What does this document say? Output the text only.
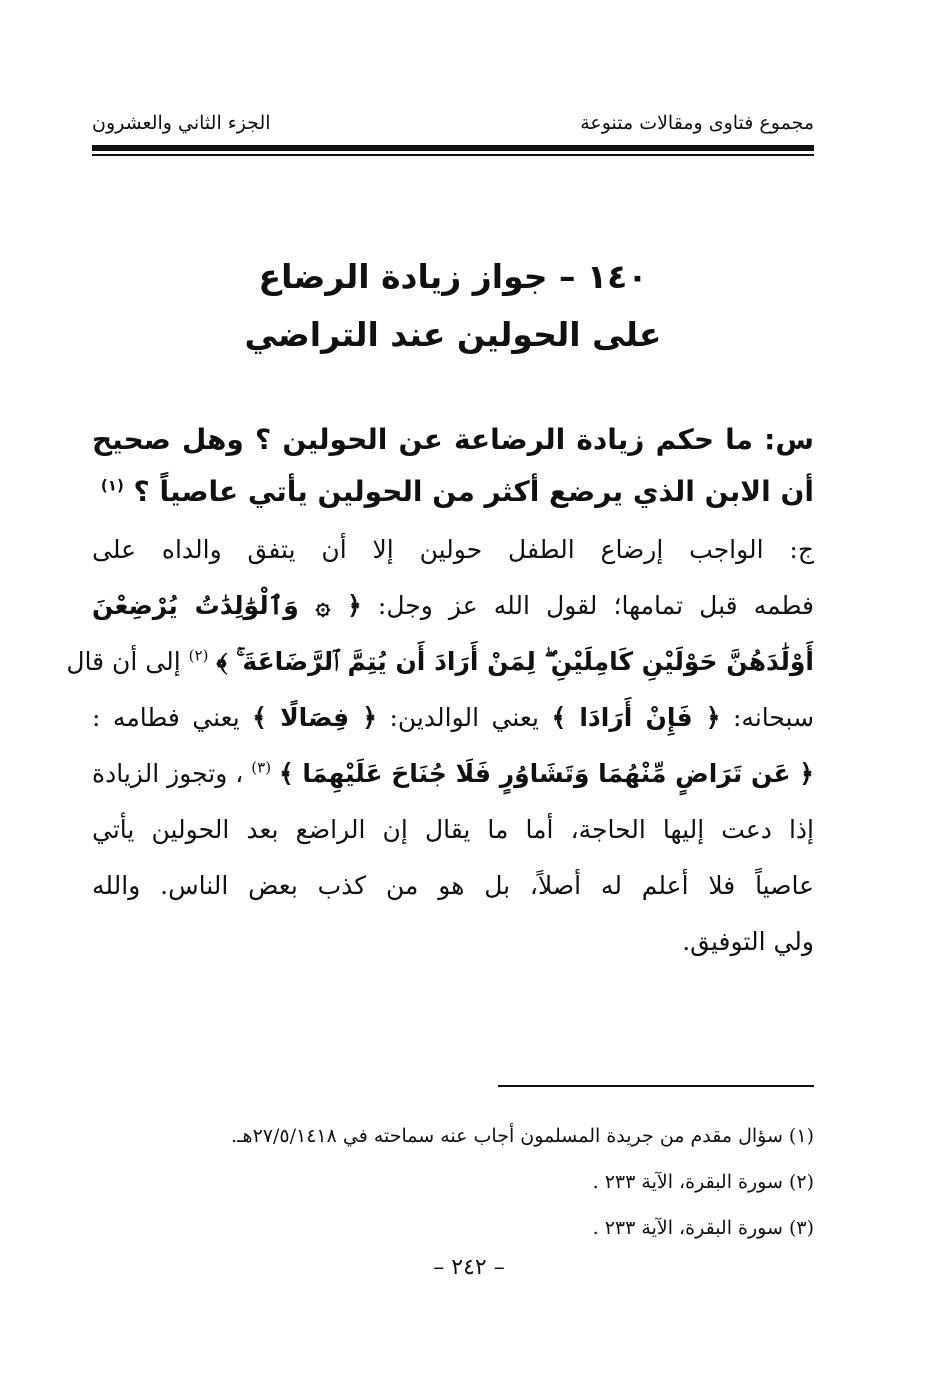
مجموع فتاوى ومقالات متنوعة
الجزء الثاني والعشرون
١٤٠ – جواز زيادة الرضاع
على الحولين عند التراضي
س: ما حكم زيادة الرضاعة عن الحولين ؟ وهل صحيح أن الابن الذي يرضع أكثر من الحولين يأتي عاصياً ؟ $^{(١)}$
ج: الواجب إرضاع الطفل حولين إلا أن يتفق والداه على
فطمه قبل تمامها؛ لقول الله عز وجل: ﴿ ۞ وَٱلْوَٰلِدَٰتُ يُرْضِعْنَ
أَوْلَٰدَهُنَّ حَوْلَيْنِ كَامِلَيْنِ ۖ لِمَنْ أَرَادَ أَن يُتِمَّ ٱلرَّضَاعَةَ ۚ ﴾ $^{(٢)}$ إلى أن قال
سبحانه: ﴿ فَإِنْ أَرَادَا ﴾ يعني الوالدين: ﴿ فِصَالًا ﴾ يعني فطامه :
﴿ عَن تَرَاضٍ مِّنْهُمَا وَتَشَاوُرٍ فَلَا جُنَاحَ عَلَيْهِمَا ﴾ $^{(٣)}$ ، وتجوز الزيادة
إذا دعت إليها الحاجة، أما ما يقال إن الراضع بعد الحولين يأتي
عاصياً فلا أعلم له أصلاً، بل هو من كذب بعض الناس. والله
ولي التوفيق.
(١) سؤال مقدم من جريدة المسلمون أجاب عنه سماحته في ٢٧/٥/١٤١٨هـ.
(٢) سورة البقرة، الآية ٢٣٣ .
(٣) سورة البقرة، الآية ٢٣٣ .
– ٢٤٢ –
